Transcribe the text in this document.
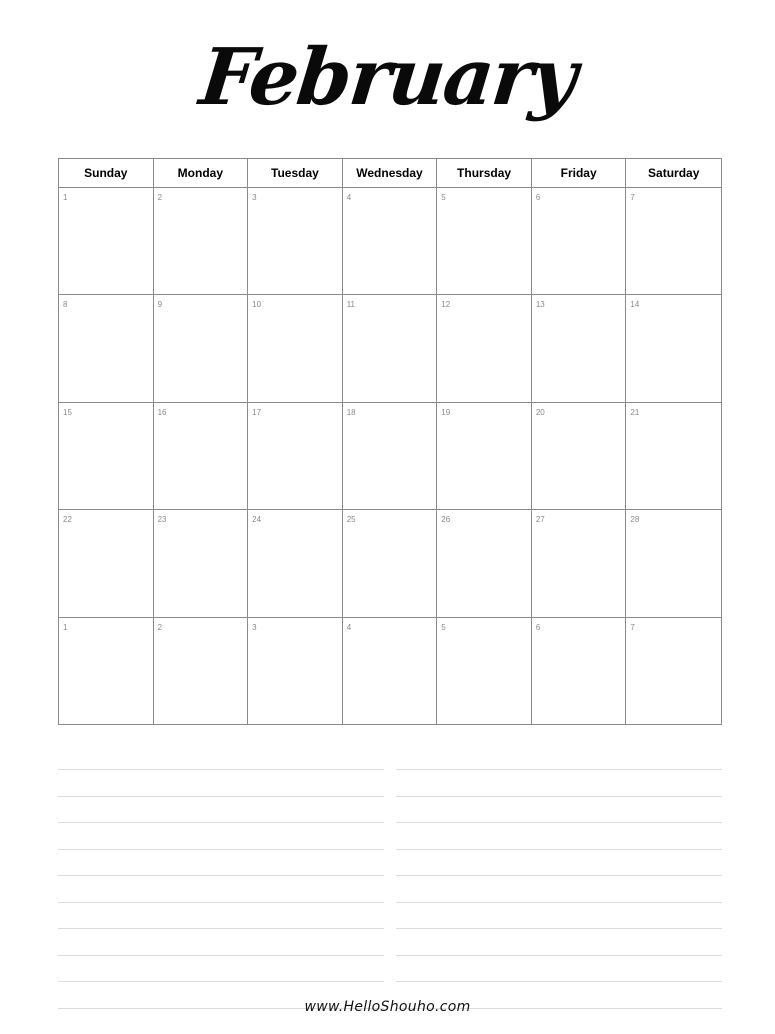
February
Sunday	Monday	Tuesday	Wednesday	Thursday	Friday	Saturday
1	2	3	4	5	6	7
8	9	10	11	12	13	14
15	16	17	18	19	20	21
22	23	24	25	26	27	28
1	2	3	4	5	6	7
www.HelloShouho.com
